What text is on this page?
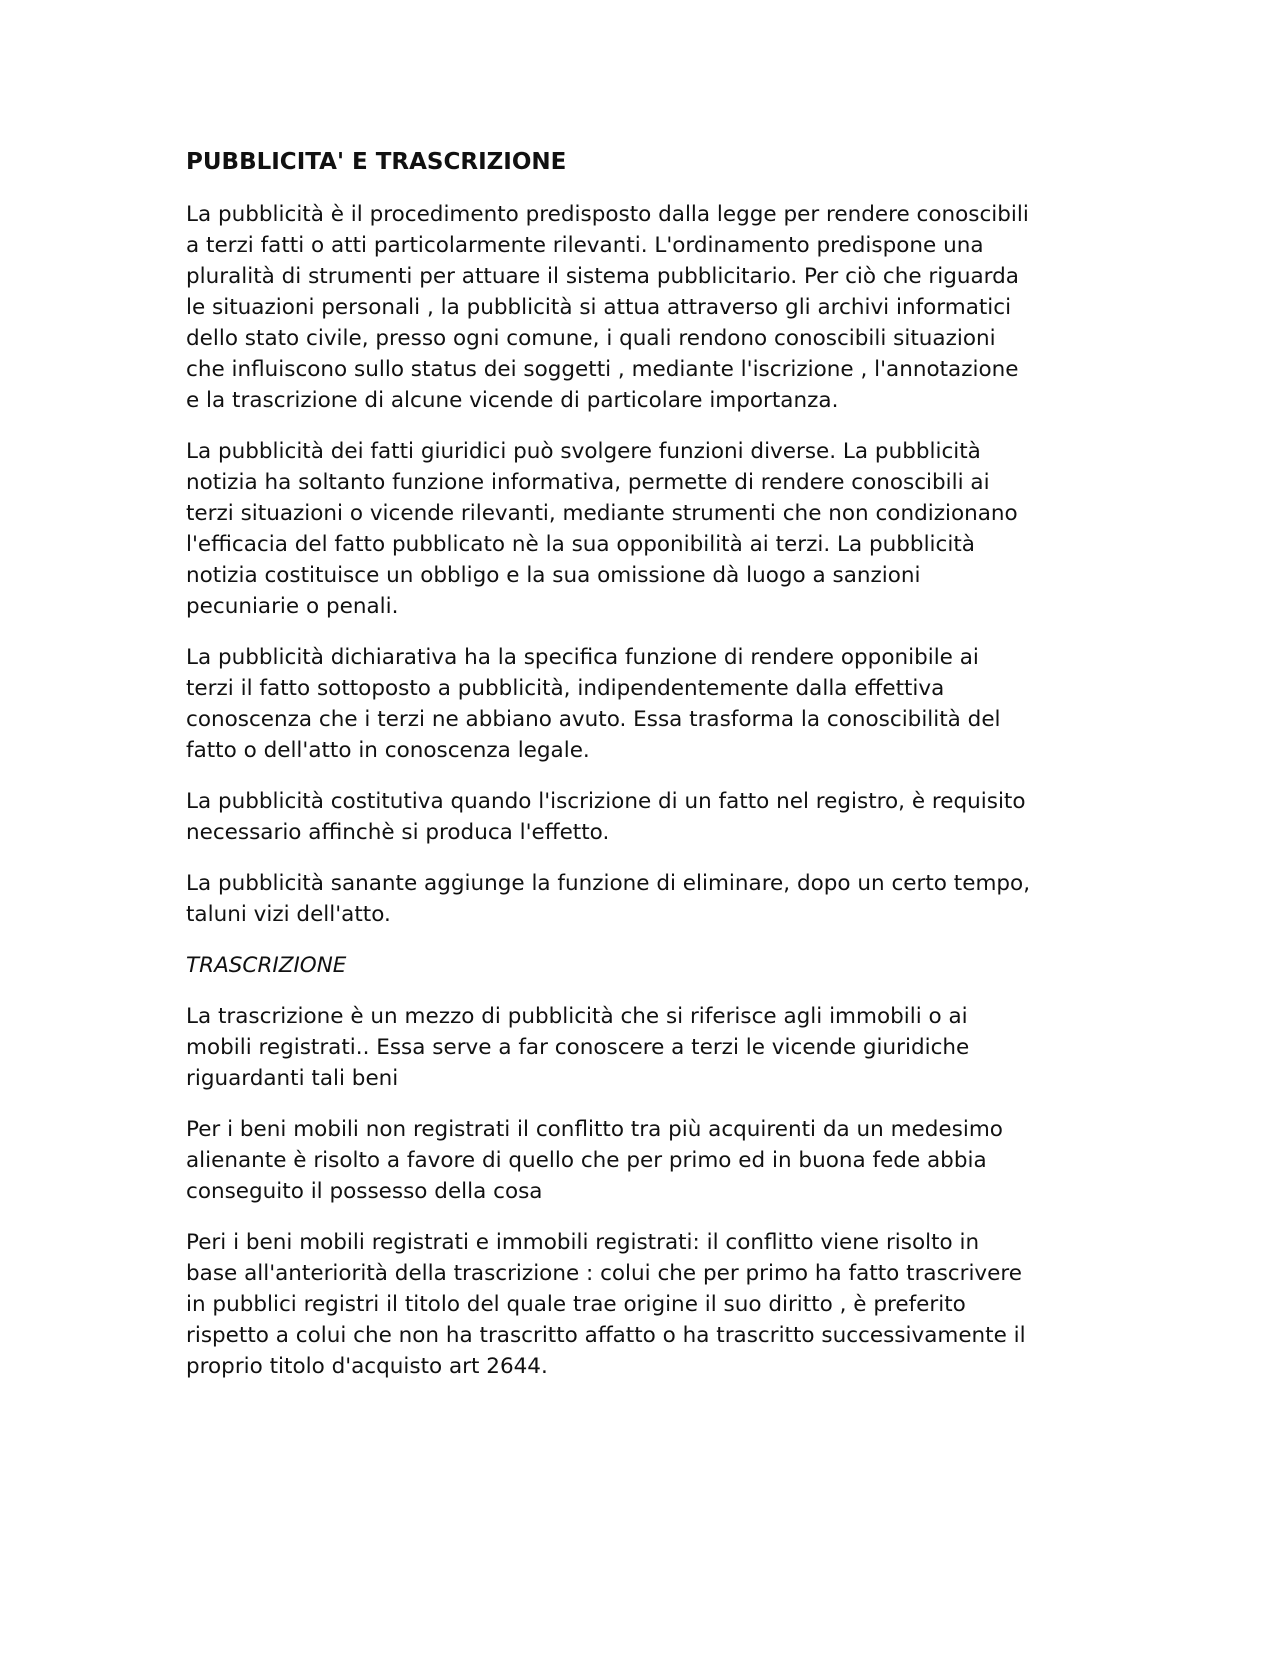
PUBBLICITA' E TRASCRIZIONE
La pubblicità è il procedimento predisposto dalla legge per rendere conoscibili
a terzi fatti o atti particolarmente rilevanti. L'ordinamento predispone una
pluralità di strumenti per attuare il sistema pubblicitario. Per ciò che riguarda
le situazioni personali , la pubblicità si attua attraverso gli archivi informatici
dello stato civile, presso ogni comune, i quali rendono conoscibili situazioni
che influiscono sullo status dei soggetti , mediante l'iscrizione , l'annotazione
e la trascrizione di alcune vicende di particolare importanza.
La pubblicità dei fatti giuridici può svolgere funzioni diverse. La pubblicità
notizia ha soltanto funzione informativa, permette di rendere conoscibili ai
terzi situazioni o vicende rilevanti, mediante strumenti che non condizionano
l'efficacia del fatto pubblicato nè la sua opponibilità ai terzi. La pubblicità
notizia costituisce un obbligo e la sua omissione dà luogo a sanzioni
pecuniarie o penali.
La pubblicità dichiarativa ha la specifica funzione di rendere opponibile ai
terzi il fatto sottoposto a pubblicità, indipendentemente dalla effettiva
conoscenza che i terzi ne abbiano avuto. Essa trasforma la conoscibilità del
fatto o dell'atto in conoscenza legale.
La pubblicità costitutiva quando l'iscrizione di un fatto nel registro, è requisito
necessario affinchè si produca l'effetto.
La pubblicità sanante aggiunge la funzione di eliminare, dopo un certo tempo,
taluni vizi dell'atto.
TRASCRIZIONE
La trascrizione è un mezzo di pubblicità che si riferisce agli immobili o ai
mobili registrati.. Essa serve a far conoscere a terzi le vicende giuridiche
riguardanti tali beni
Per i beni mobili non registrati il conflitto tra più acquirenti da un medesimo
alienante è risolto a favore di quello che per primo ed in buona fede abbia
conseguito il possesso della cosa
Peri i beni mobili registrati e immobili registrati: il conflitto viene risolto in
base all'anteriorità della trascrizione : colui che per primo ha fatto trascrivere
in pubblici registri il titolo del quale trae origine il suo diritto , è preferito
rispetto a colui che non ha trascritto affatto o ha trascritto successivamente il
proprio titolo d'acquisto art 2644.
